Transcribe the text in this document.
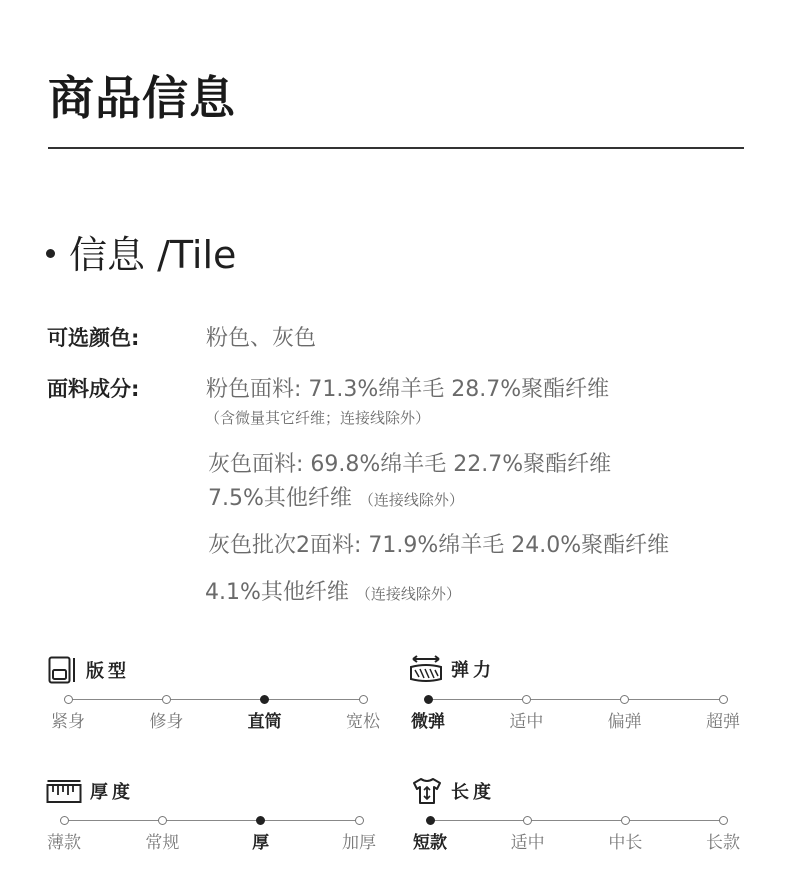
商品信息
信息 /Tile
可选颜色:	粉色、灰色
面料成分:	粉色面料: 71.3%绵羊毛 28.7%聚酯纤维
（含微量其它纤维；连接线除外）
灰色面料: 69.8%绵羊毛 22.7%聚酯纤维
7.5%其他纤维 （连接线除外）
灰色批次2面料: 71.9%绵羊毛 24.0%聚酯纤维
4.1%其他纤维 （连接线除外）
版型	弹力
厚度	长度
紧身	修身	直筒	宽松 微弹	适中	偏弹	超弹
薄款	常规	厚	加厚 短款	适中	中长	长款
